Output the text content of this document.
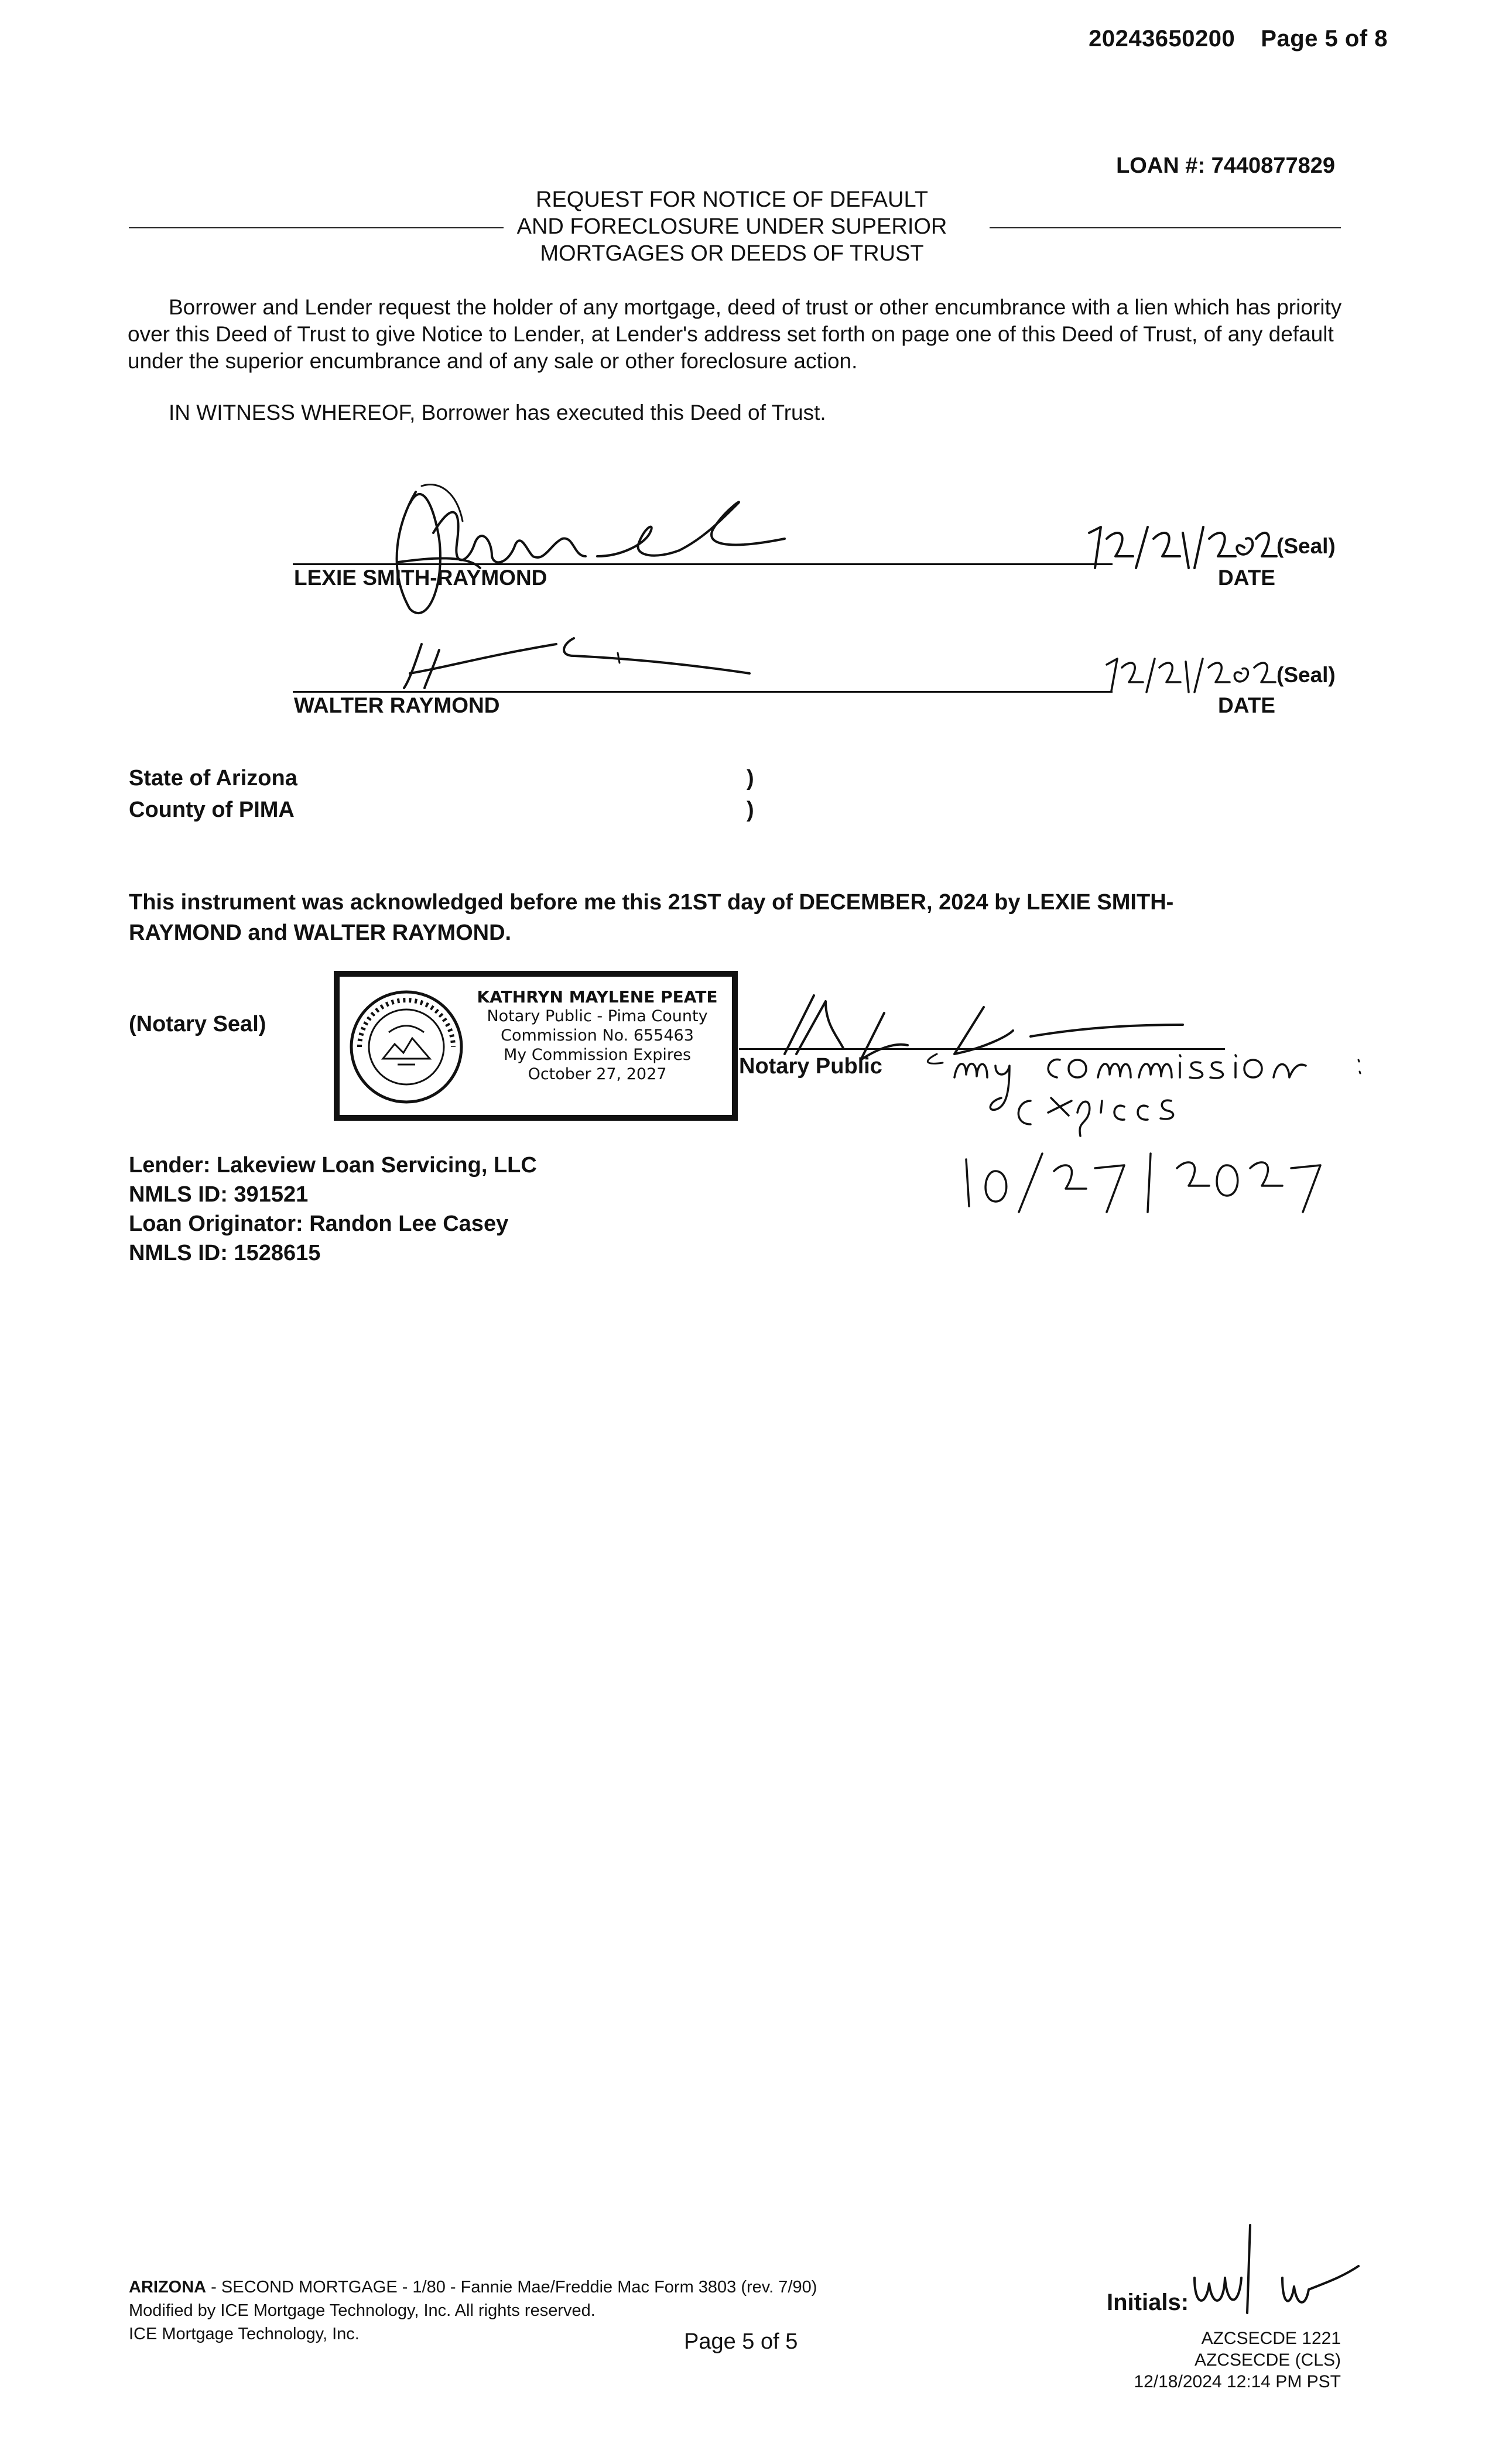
20243650200 Page 5 of 8
LOAN #: 7440877829
REQUEST FOR NOTICE OF DEFAULT
AND FORECLOSURE UNDER SUPERIOR
MORTGAGES OR DEEDS OF TRUST

Borrower and Lender request the holder of any mortgage, deed of trust or other encumbrance with a lien which has priority over this Deed of Trust to give Notice to Lender, at Lender's address set forth on page one of this Deed of Trust, of any default under the superior encumbrance and of any sale or other foreclosure action.

IN WITNESS WHEREOF, Borrower has executed this Deed of Trust.
LEXIE SMITH-RAYMOND
(Seal)
DATE
WALTER RAYMOND
(Seal)
DATE
State of Arizona
County of PIMA
)
)
This instrument was acknowledged before me this 21ST day of DECEMBER, 2024 by LEXIE SMITH-
RAYMOND and WALTER RAYMOND.
(Notary Seal)
KATHRYN MAYLENE PEATE
Notary Public - Pima County
Commission No. 655463
My Commission Expires
October 27, 2027	Notary Public
Lender: Lakeview Loan Servicing, LLC
NMLS ID: 391521
Loan Originator: Randon Lee Casey
NMLS ID: 1528615
ARIZONA - SECOND MORTGAGE - 1/80 - Fannie Mae/Freddie Mac Form 3803 (rev. 7/90)
Modified by ICE Mortgage Technology, Inc. All rights reserved.
ICE Mortgage Technology, Inc.	Page 5 of 5
Initials:
AZCSECDE 1221
AZCSECDE (CLS)
12/18/2024 12:14 PM PST
